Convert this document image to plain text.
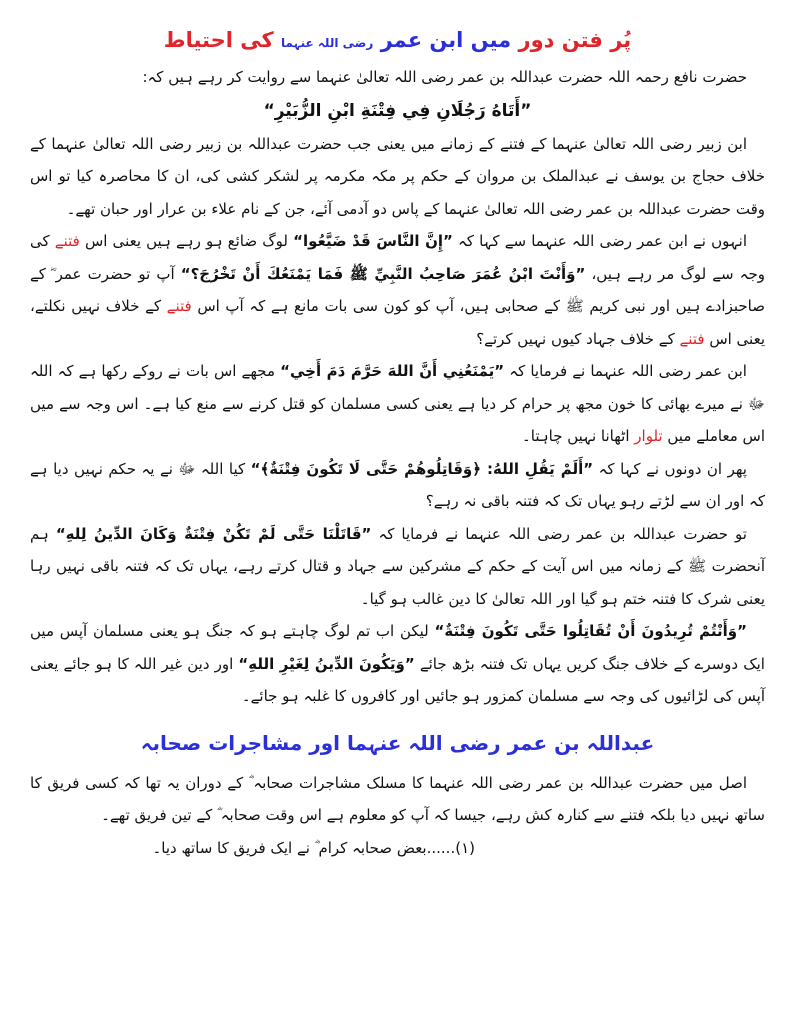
پُر فتن دور میں ابن عمر رضی اللہ عنہما کی احتیاط

حضرت نافع رحمہ اللہ حضرت عبداللہ بن عمر رضی اللہ تعالیٰ عنہما سے روایت کر رہے ہیں کہ:

”أَتَاهُ رَجُلَانِ فِي فِتْنَةِ ابْنِ الزُّبَيْرِ“

ابن زبیر رضی اللہ تعالیٰ عنہما کے فتنے کے زمانے میں یعنی جب حضرت عبداللہ بن زبیر رضی اللہ تعالیٰ عنہما کے خلاف حجاج بن یوسف نے عبدالملک بن مروان کے حکم پر مکہ مکرمہ پر لشکر کشی کی، ان کا محاصرہ کیا تو اس وقت حضرت عبداللہ بن عمر رضی اللہ تعالیٰ عنہما کے پاس دو آدمی آئے، جن کے نام علاء بن عرار اور حبان تھے۔

انہوں نے ابن عمر رضی اللہ عنہما سے کہا کہ ”إِنَّ النَّاسَ قَدْ ضَيَّعُوا“ لوگ ضائع ہو رہے ہیں یعنی اس فتنے کی وجہ سے لوگ مر رہے ہیں، ”وَأَنْتَ ابْنُ عُمَرَ صَاحِبُ النَّبِيِّ ﷺ فَمَا يَمْنَعُكَ أَنْ تَخْرُجَ؟“ آپ تو حضرت عمر ؓ کے صاحبزادے ہیں اور نبی کریم ﷺ کے صحابی ہیں، آپ کو کون سی بات مانع ہے کہ آپ اس فتنے کے خلاف نہیں نکلتے، یعنی اس فتنے کے خلاف جہاد کیوں نہیں کرتے؟

ابن عمر رضی اللہ عنہما نے فرمایا کہ ”يَمْنَعُنِي أَنَّ اللهَ حَرَّمَ دَمَ أَخِي“ مجھے اس بات نے روکے رکھا ہے کہ اللہ ﷻ نے میرے بھائی کا خون مجھ پر حرام کر دیا ہے یعنی کسی مسلمان کو قتل کرنے سے منع کیا ہے۔ اس وجہ سے میں اس معاملے میں تلوار اٹھانا نہیں چاہتا۔

پھر ان دونوں نے کہا کہ ”أَلَمْ يَقُلِ اللهُ: ﴿وَقَاتِلُوهُمْ حَتَّى لَا تَكُونَ فِتْنَةٌ﴾“ کیا اللہ ﷻ نے یہ حکم نہیں دیا ہے کہ اور ان سے لڑتے رہو یہاں تک کہ فتنہ باقی نہ رہے؟

تو حضرت عبداللہ بن عمر رضی اللہ عنہما نے فرمایا کہ ”قَاتَلْنَا حَتَّى لَمْ تَكُنْ فِتْنَةٌ وَكَانَ الدِّينُ لِلهِ“ ہم آنحضرت ﷺ کے زمانہ میں اس آیت کے حکم کے مشرکین سے جہاد و قتال کرتے رہے، یہاں تک کہ فتنہ باقی نہیں رہا یعنی شرک کا فتنہ ختم ہو گیا اور اللہ تعالیٰ کا دین غالب ہو گیا۔

”وَأَنْتُمْ تُرِيدُونَ أَنْ تُقَاتِلُوا حَتَّى تَكُونَ فِتْنَةٌ“ لیکن اب تم لوگ چاہتے ہو کہ جنگ ہو یعنی مسلمان آپس میں ایک دوسرے کے خلاف جنگ کریں یہاں تک فتنہ بڑھ جائے ”وَيَكُونَ الدِّينُ لِغَيْرِ اللهِ“ اور دین غیر اللہ کا ہو جائے یعنی آپس کی لڑائیوں کی وجہ سے مسلمان کمزور ہو جائیں اور کافروں کا غلبہ ہو جائے۔

عبداللہ بن عمر رضی اللہ عنہما اور مشاجرات صحابہ

اصل میں حضرت عبداللہ بن عمر رضی اللہ عنہما کا مسلک مشاجرات صحابہ ؓ کے دوران یہ تھا کہ کسی فریق کا ساتھ نہیں دیا بلکہ فتنے سے کنارہ کش رہے، جیسا کہ آپ کو معلوم ہے اس وقت صحابہ ؓ کے تین فریق تھے۔

(۱)......بعض صحابہ کرام ؓ نے ایک فریق کا ساتھ دیا۔
